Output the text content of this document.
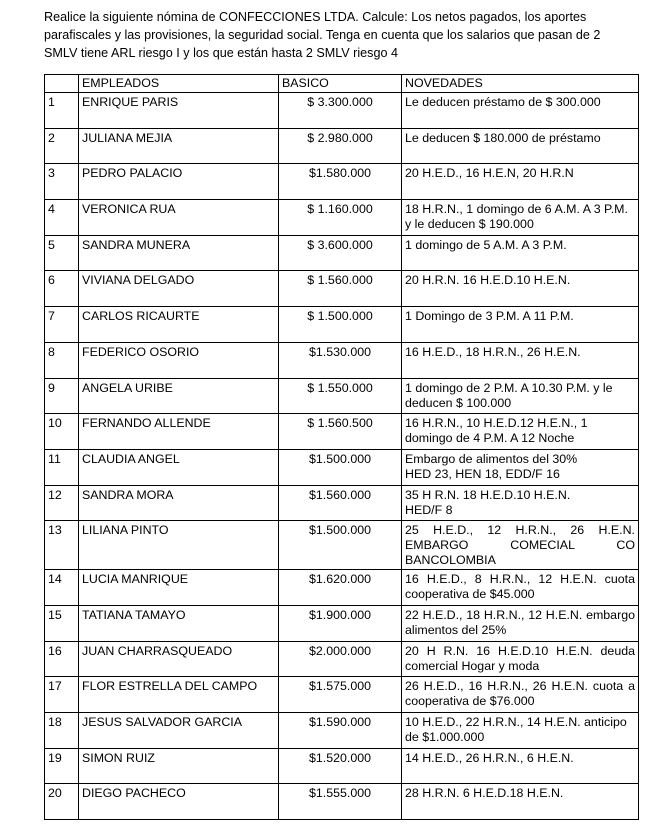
Realice la siguiente nómina de CONFECCIONES LTDA. Calcule: Los netos pagados, los aportes parafiscales y las provisiones, la seguridad social. Tenga en cuenta que los salarios que pasan de 2 SMLV tiene ARL riesgo I y los que están hasta 2 SMLV riesgo 4
	EMPLEADOS	BASICO	NOVEDADES
1	ENRIQUE PARIS	$ 3.300.000	Le deducen préstamo de $ 300.000
2	JULIANA MEJIA	$ 2.980.000	Le deducen $ 180.000 de préstamo
3	PEDRO PALACIO	$1.580.000	20 H.E.D., 16 H.E.N, 20 H.R.N
4	VERONICA RUA	$ 1.160.000	18 H.R.N., 1 domingo de 6 A.M. A 3 P.M. y le deducen $ 190.000
5	SANDRA MUNERA	$ 3.600.000	1 domingo de 5 A.M. A 3 P.M.
6	VIVIANA DELGADO	$ 1.560.000	20 H.R.N. 16 H.E.D.10 H.E.N.
7	CARLOS RICAURTE	$ 1.500.000	1 Domingo de 3 P.M. A 11 P.M.
8	FEDERICO OSORIO	$1.530.000	16 H.E.D., 18 H.R.N., 26 H.E.N.
9	ANGELA URIBE	$ 1.550.000	1 domingo de 2 P.M. A 10.30 P.M. y le deducen $ 100.000
10	FERNANDO ALLENDE	$ 1.560.500	16 H.R.N., 10 H.E.D.12 H.E.N., 1 domingo de 4 P.M. A 12 Noche
11	CLAUDIA ANGEL	$1.500.000	Embargo de alimentos del 30%
HED 23, HEN 18, EDD/F 16
12	SANDRA MORA	$1.560.000	35 H R.N. 18 H.E.D.10 H.E.N.
HED/F 8
13	LILIANA PINTO	$1.500.000	25 H.E.D., 12 H.R.N., 26 H.E.N. EMBARGO COMECIAL CO BANCOLOMBIA
14	LUCIA MANRIQUE	$1.620.000	16 H.E.D., 8 H.R.N., 12 H.E.N. cuota cooperativa de $45.000
15	TATIANA TAMAYO	$1.900.000	22 H.E.D., 18 H.R.N., 12 H.E.N. embargo alimentos del 25%
16	JUAN CHARRASQUEADO	$2.000.000	20 H R.N. 16 H.E.D.10 H.E.N. deuda comercial Hogar y moda
17	FLOR ESTRELLA DEL CAMPO	$1.575.000	26 H.E.D., 16 H.R.N., 26 H.E.N. cuota a cooperativa de $76.000
18	JESUS SALVADOR GARCIA	$1.590.000	10 H.E.D., 22 H.R.N., 14 H.E.N. anticipo de $1.000.000
19	SIMON RUIZ	$1.520.000	14 H.E.D., 26 H.R.N., 6 H.E.N.
20	DIEGO PACHECO	$1.555.000	28 H.R.N. 6 H.E.D.18 H.E.N.
